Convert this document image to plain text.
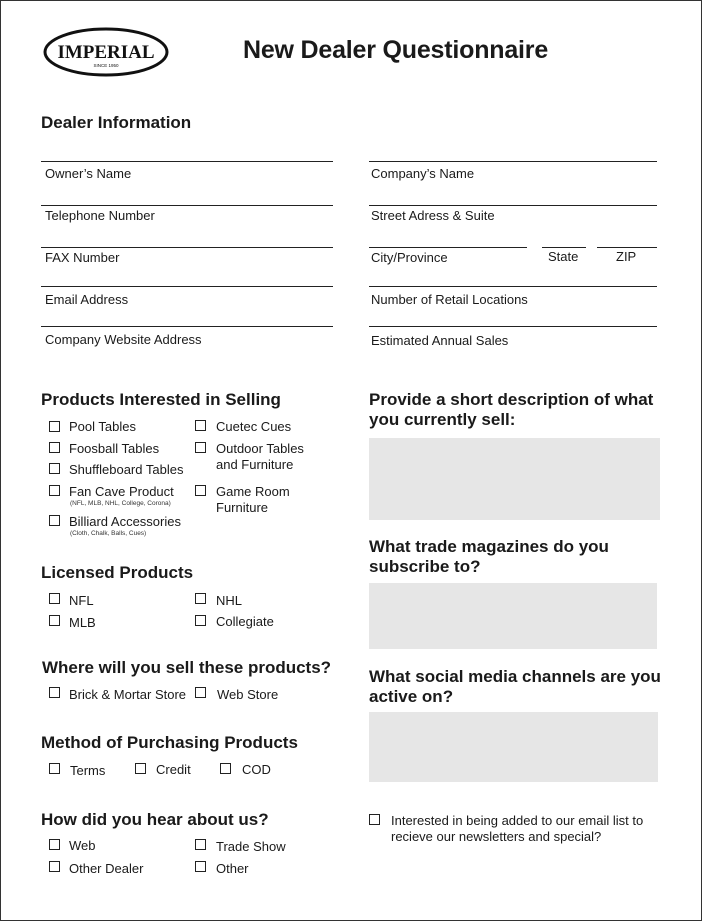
IMPERIAL
SINCE 1950
New Dealer Questionnaire
Dealer Information
Owner’s Name
Telephone Number
FAX Number
Email Address
Company Website Address
Company’s Name
Street Adress & Suite
City/Province	State	ZIP
Number of Retail Locations
Estimated Annual Sales
Products Interested in Selling
Pool Tables
Foosball Tables
Shuffleboard Tables
Fan Cave Product
(NFL, MLB, NHL, College, Corona)
Billiard Accessories
(Cloth, Chalk, Balls, Cues)
Cuetec Cues
Outdoor Tables
and Furniture
Game Room
Furniture
Licensed Products
NFL
MLB
NHL
Collegiate
Where will you sell these products?
Brick & Mortar Store Web Store
Method of Purchasing Products
Terms	Credit	COD
How did you hear about us?
Web
Other Dealer
Trade Show
Other
Provide a short description of what
you currently sell:
What trade magazines do you
subscribe to?
What social media channels are you
active on?
Interested in being added to our email list to
recieve our newsletters and special?
